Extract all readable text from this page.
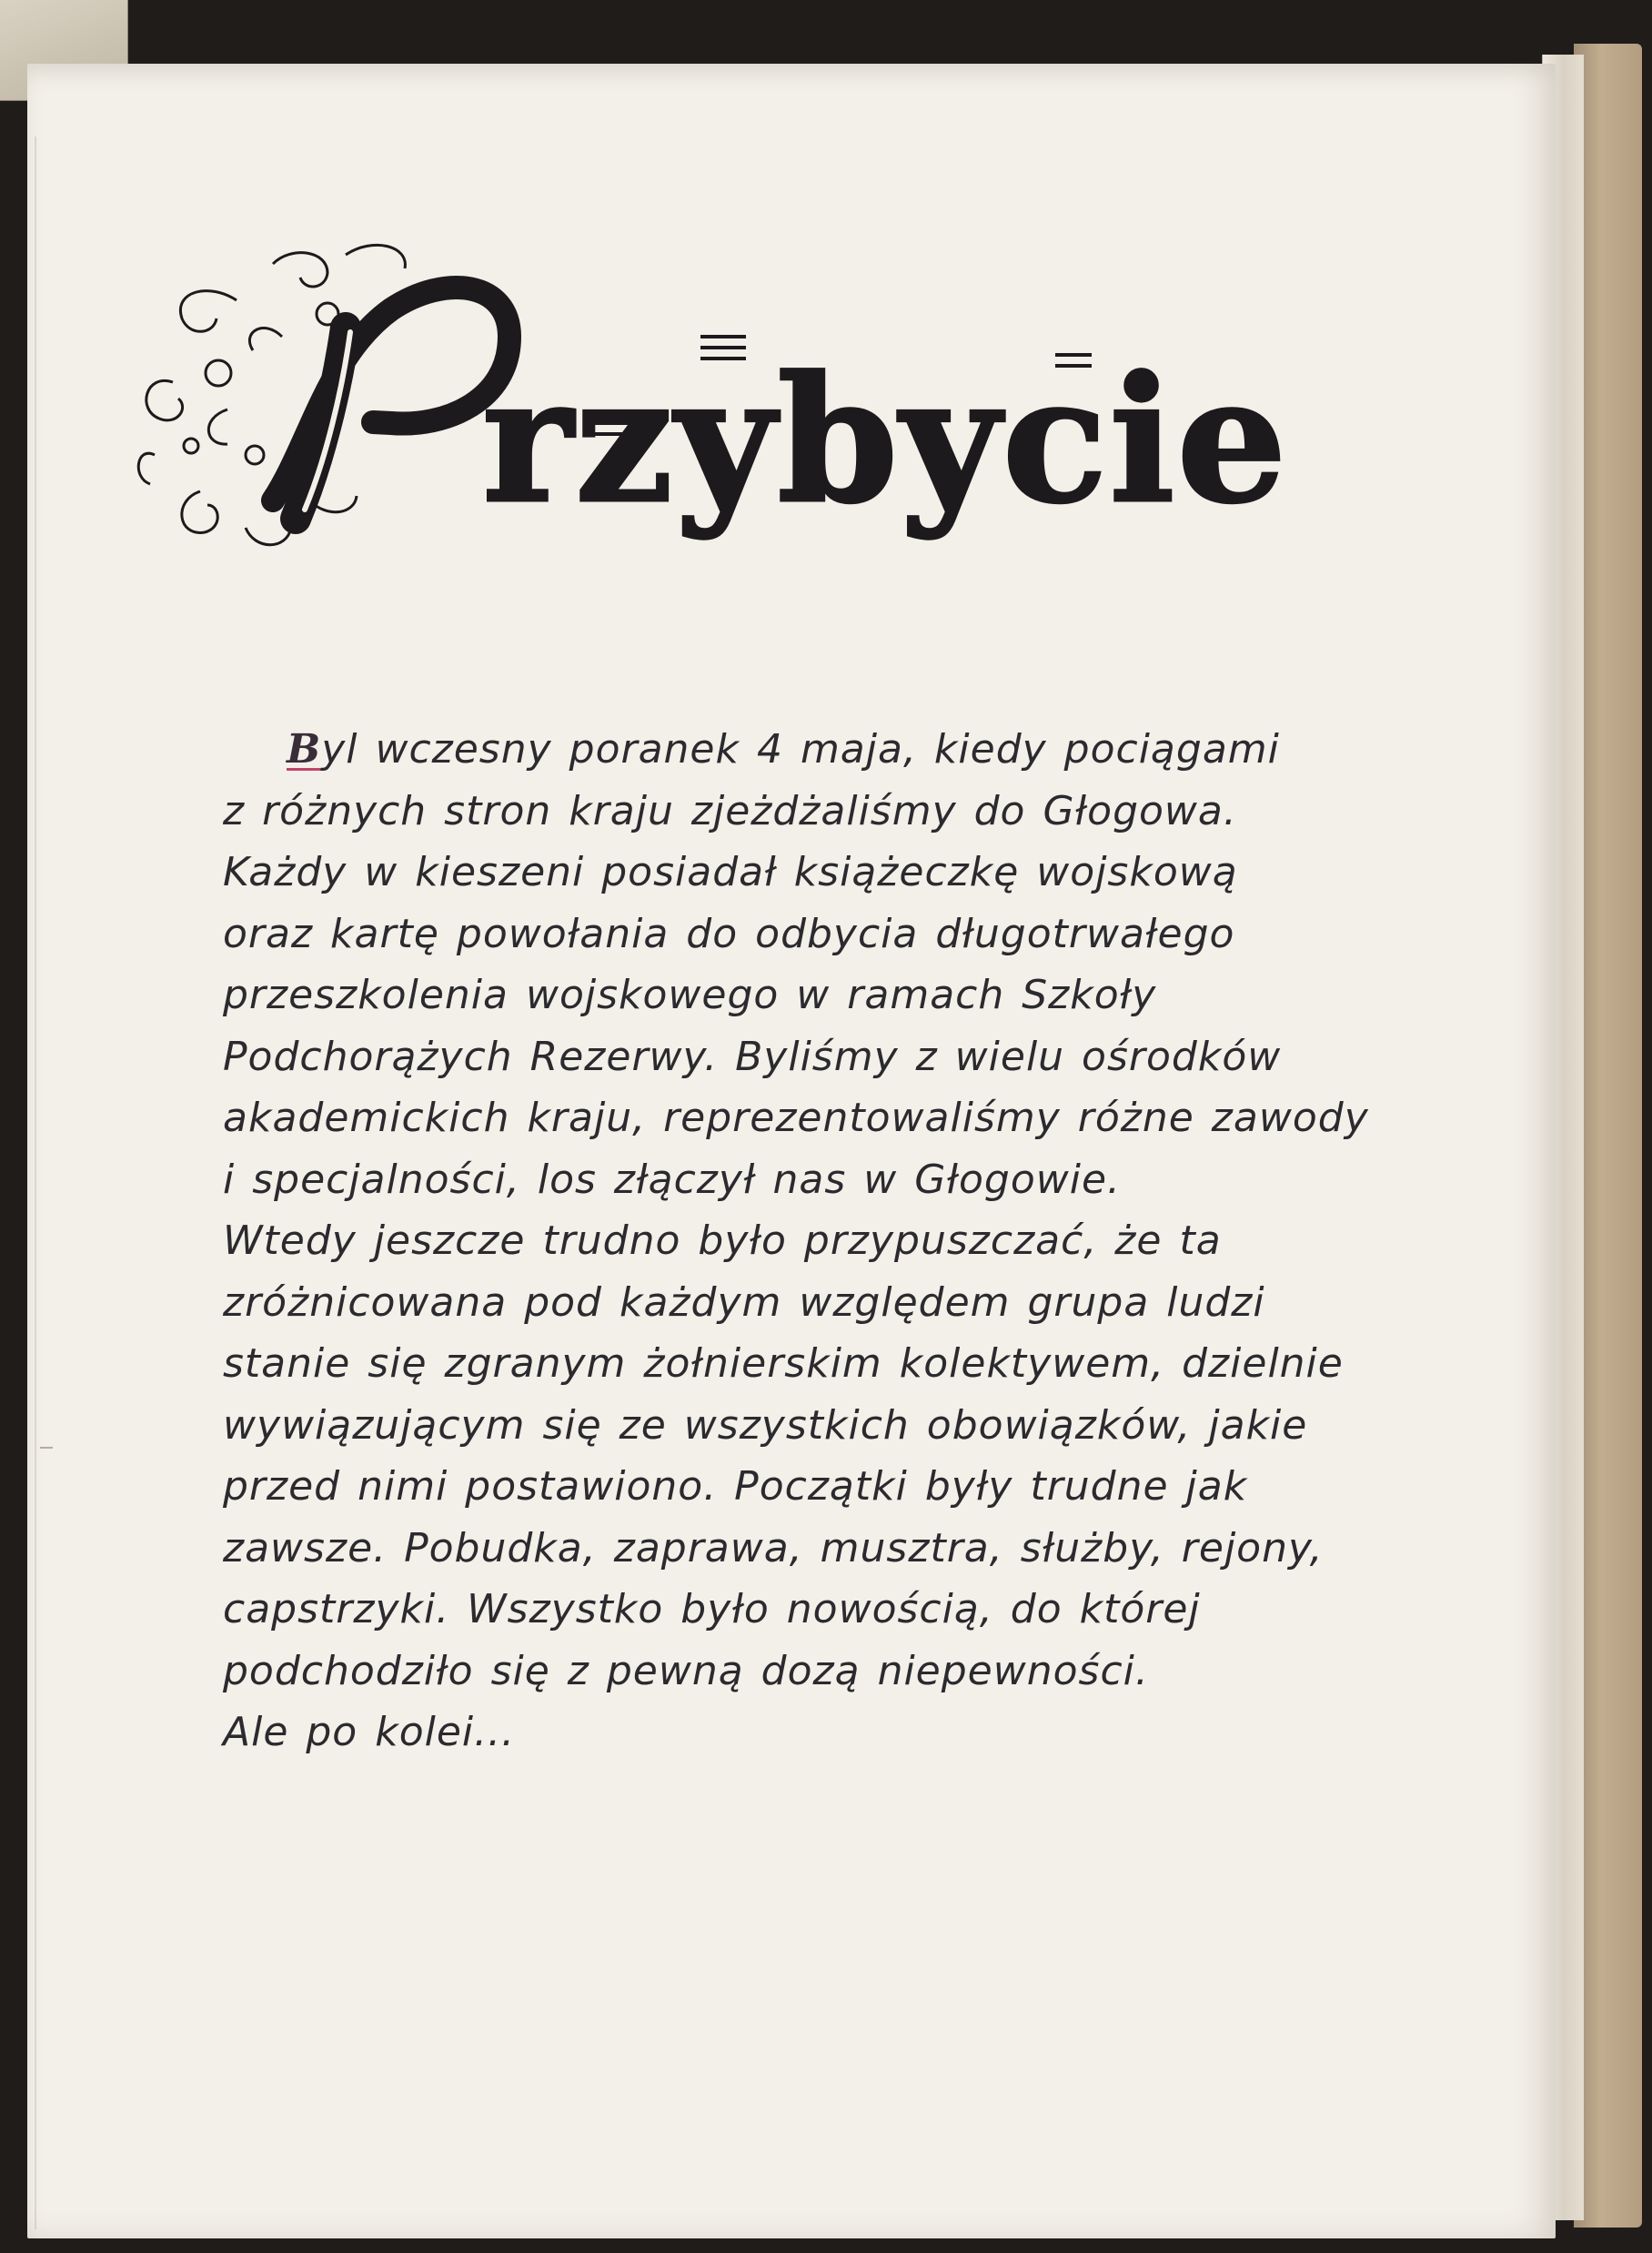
rzybycie
Byl wczesny poranek 4 maja, kiedy pociągami
z różnych stron kraju zjeżdżaliśmy do Głogowa.
Każdy w kieszeni posiadał książeczkę wojskową
oraz kartę powołania do odbycia długotrwałego
przeszkolenia wojskowego w ramach Szkoły
Podchorążych Rezerwy. Byliśmy z wielu ośrodków
akademickich kraju, reprezentowaliśmy różne zawody
i specjalności, los złączył nas w Głogowie.
Wtedy jeszcze trudno było przypuszczać, że ta
zróżnicowana pod każdym względem grupa ludzi
stanie się zgranym żołnierskim kolektywem, dzielnie
wywiązującym się ze wszystkich obowiązków, jakie
przed nimi postawiono. Początki były trudne jak
zawsze. Pobudka, zaprawa, musztra, służby, rejony,
capstrzyki. Wszystko było nowością, do której
podchodziło się z pewną dozą niepewności.
Ale po kolei...
